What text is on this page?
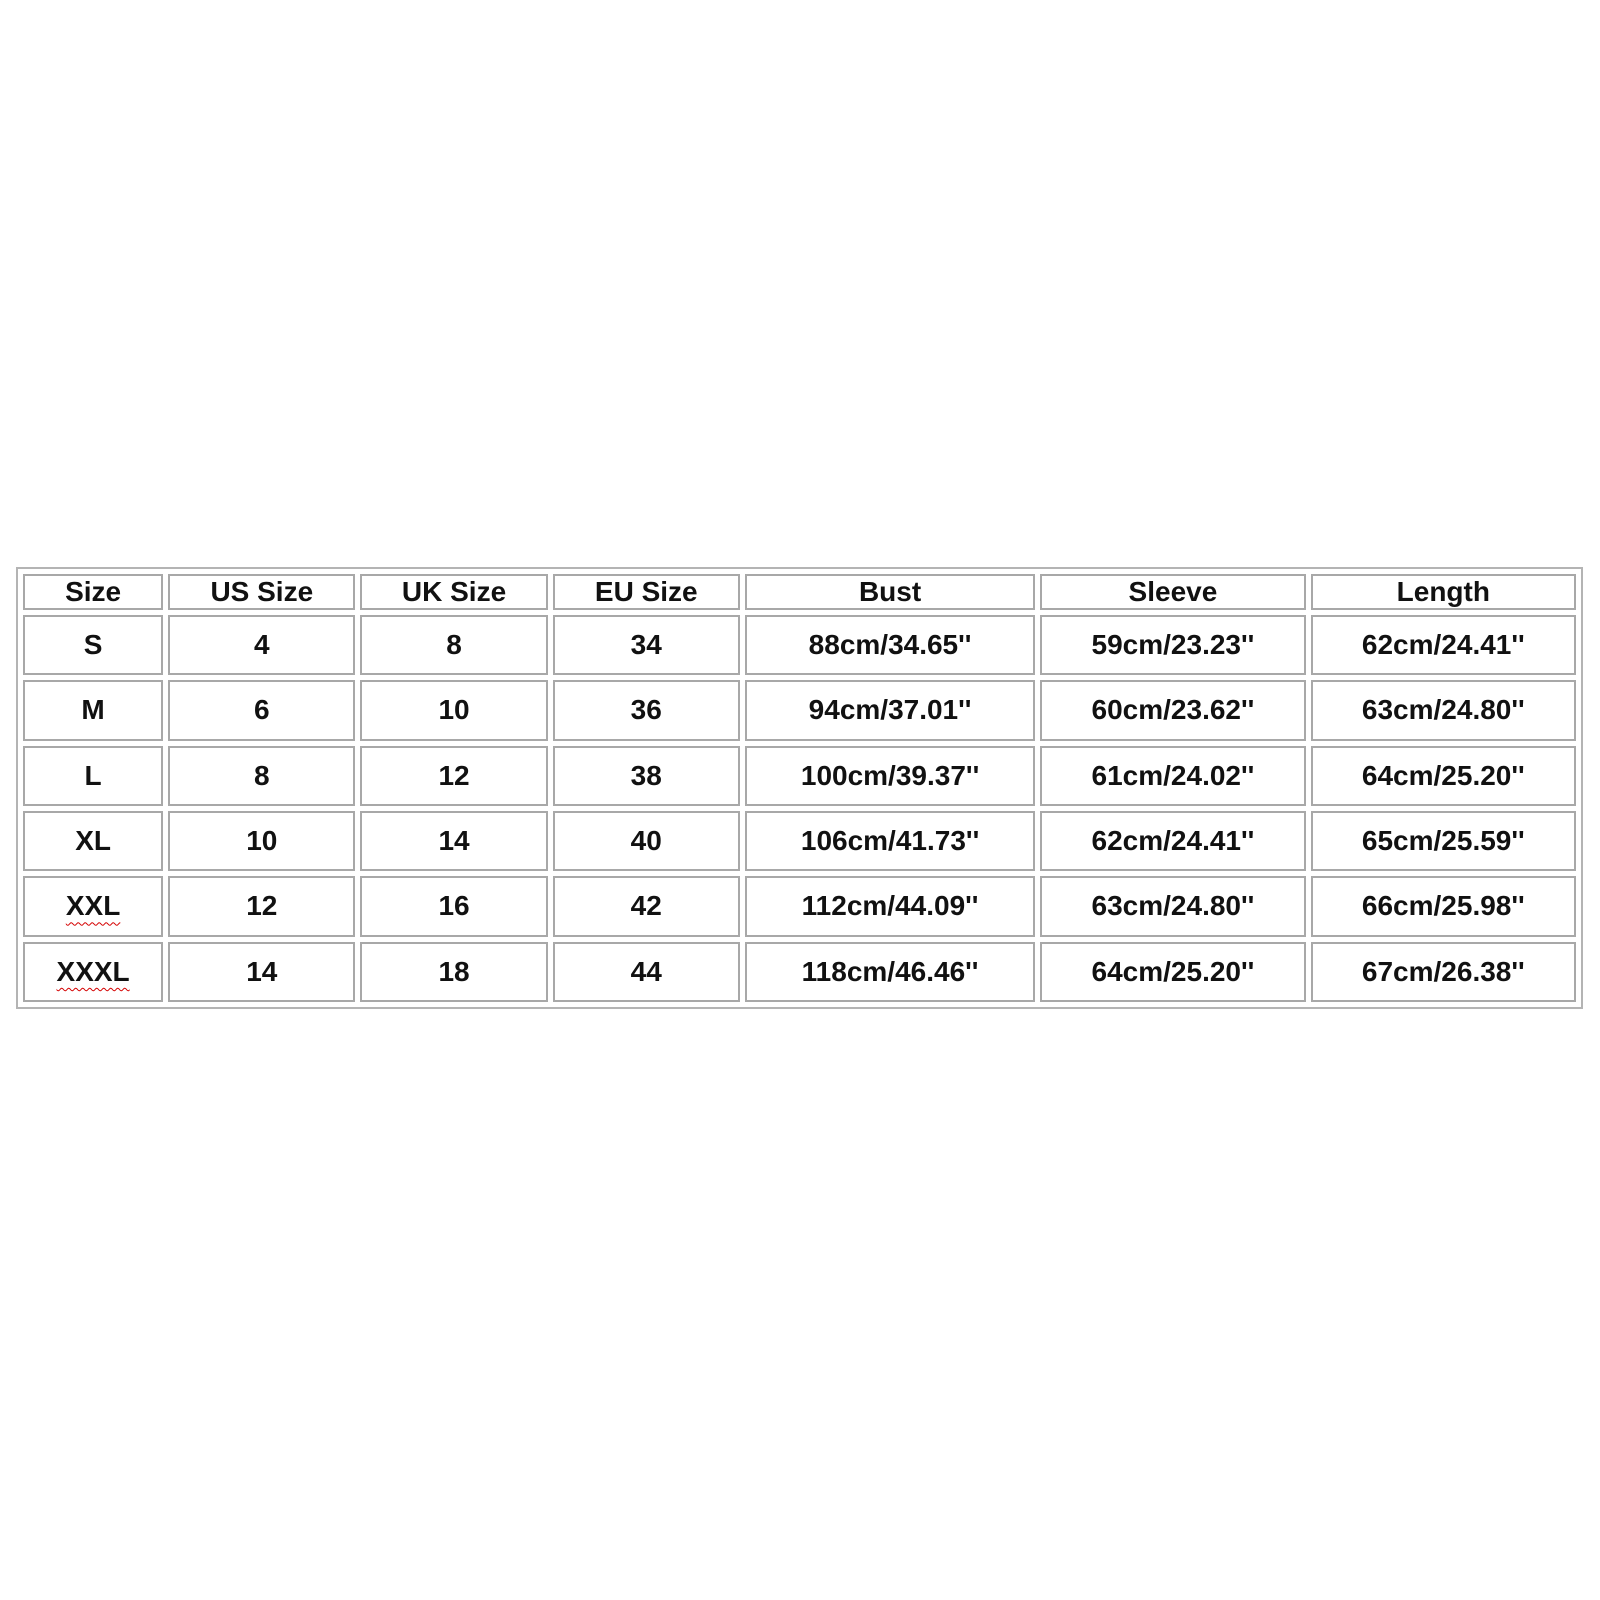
Size	US Size	UK Size	EU Size	Bust	Sleeve	Length
S	4	8	34	88cm/34.65''	59cm/23.23''	62cm/24.41''
M	6	10	36	94cm/37.01''	60cm/23.62''	63cm/24.80''
L	8	12	38	100cm/39.37''	61cm/24.02''	64cm/25.20''
XL	10	14	40	106cm/41.73''	62cm/24.41''	65cm/25.59''
XXL	12	16	42	112cm/44.09''	63cm/24.80''	66cm/25.98''
XXXL	14	18	44	118cm/46.46''	64cm/25.20''	67cm/26.38''
